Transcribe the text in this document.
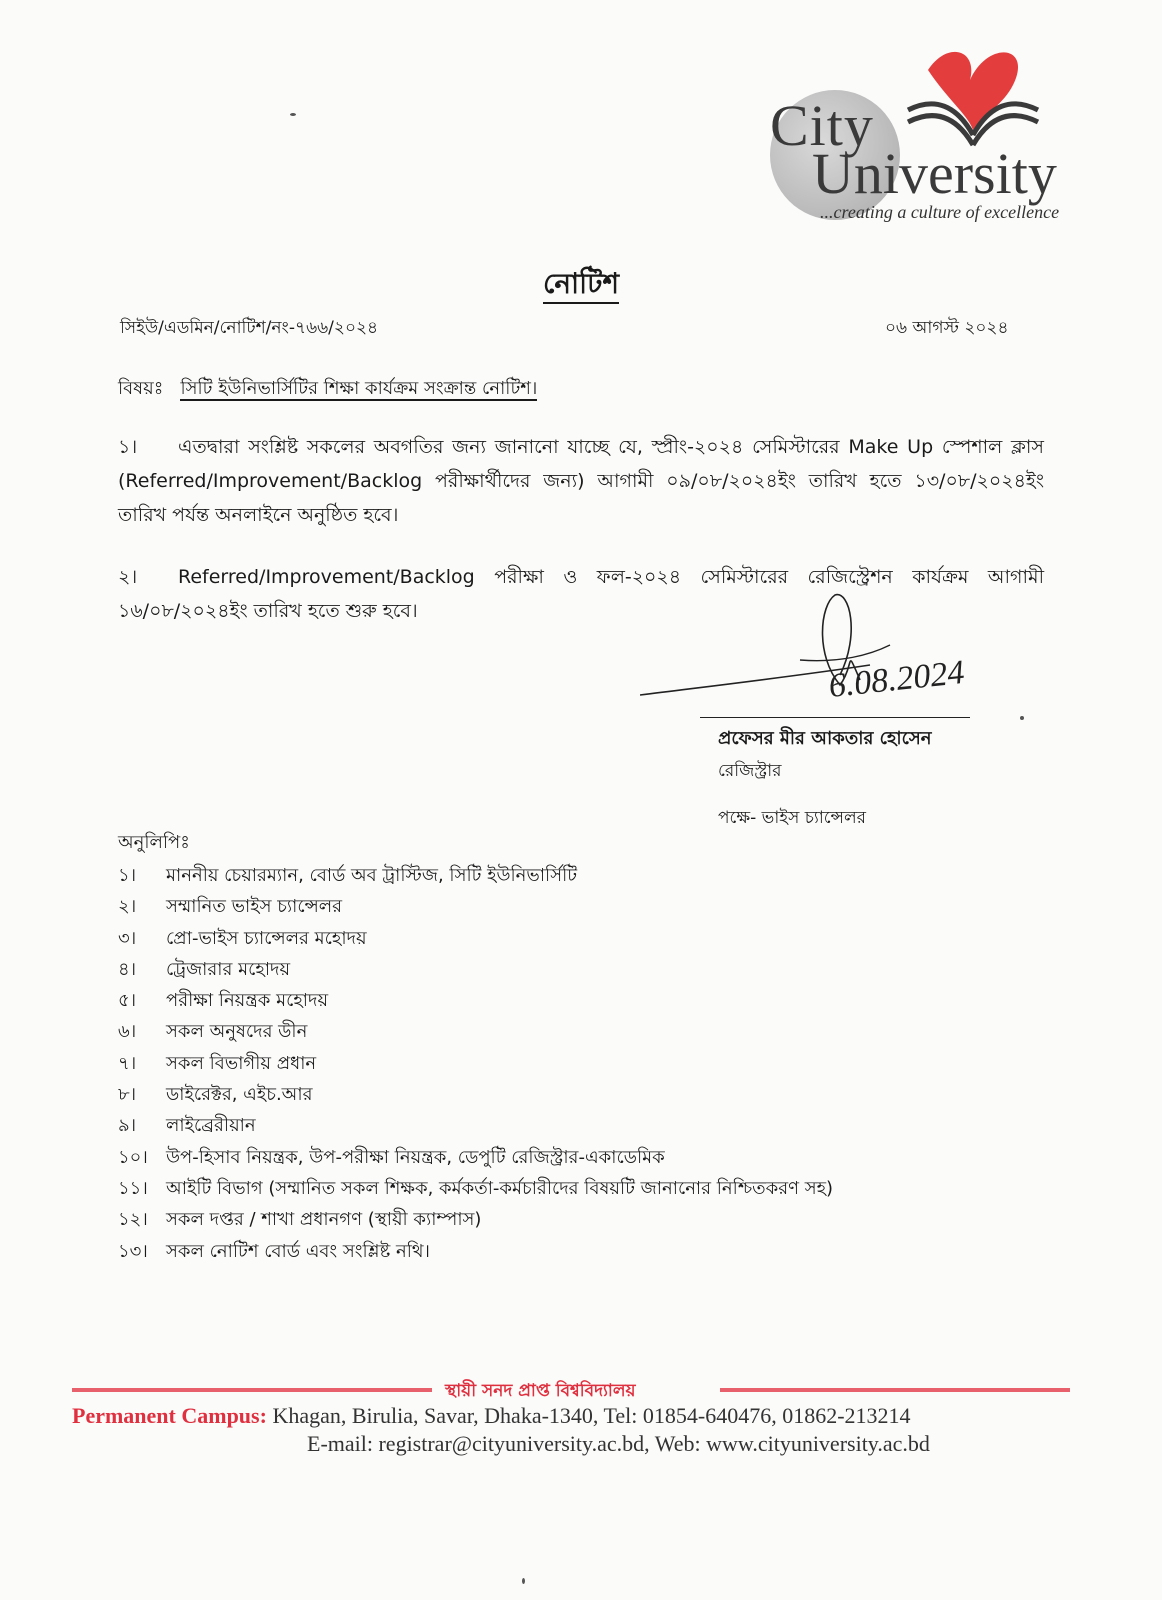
City
University
...creating a culture of excellence
নোটিশ
সিইউ/এডমিন/নোটিশ/নং-৭৬৬/২০২৪	০৬ আগস্ট ২০২৪
বিষয়ঃ সিটি ইউনিভার্সিটির শিক্ষা কার্যক্রম সংক্রান্ত নোটিশ।
১। এতদ্বারা সংশ্লিষ্ট সকলের অবগতির জন্য জানানো যাচ্ছে যে, স্প্রীং-২০২৪ সেমিস্টারের Make Up স্পেশাল ক্লাস (Referred/Improvement/Backlog পরীক্ষার্থীদের জন্য) আগামী ০৯/০৮/২০২৪ইং তারিখ হতে ১৩/০৮/২০২৪ইং তারিখ পর্যন্ত অনলাইনে অনুষ্ঠিত হবে।
২। Referred/Improvement/Backlog পরীক্ষা ও ফল-২০২৪ সেমিস্টারের রেজিস্ট্রেশন কার্যক্রম আগামী ১৬/০৮/২০২৪ইং তারিখ হতে শুরু হবে।
6.08.2024
প্রফেসর মীর আকতার হোসেন
রেজিস্ট্রার
পক্ষে- ভাইস চ্যান্সেলর
অনুলিপিঃ
১। মাননীয় চেয়ারম্যান, বোর্ড অব ট্রাস্টিজ, সিটি ইউনিভার্সিটি
২। সম্মানিত ভাইস চ্যান্সেলর
৩। প্রো-ভাইস চ্যান্সেলর মহোদয়
৪। ট্রেজারার মহোদয়
৫। পরীক্ষা নিয়ন্ত্রক মহোদয়
৬। সকল অনুষদের ডীন
৭। সকল বিভাগীয় প্রধান
৮। ডাইরেক্টর, এইচ.আর
৯। লাইব্রেরীয়ান
১০। উপ-হিসাব নিয়ন্ত্রক, উপ-পরীক্ষা নিয়ন্ত্রক, ডেপুটি রেজিস্ট্রার-একাডেমিক
১১। আইটি বিভাগ (সম্মানিত সকল শিক্ষক, কর্মকর্তা-কর্মচারীদের বিষয়টি জানানোর নিশ্চিতকরণ সহ)
১২। সকল দপ্তর / শাখা প্রধানগণ (স্থায়ী ক্যাম্পাস)
১৩। সকল নোটিশ বোর্ড এবং সংশ্লিষ্ট নথি।
স্থায়ী সনদ প্রাপ্ত বিশ্ববিদ্যালয়
Permanent Campus: Khagan, Birulia, Savar, Dhaka-1340, Tel: 01854-640476, 01862-213214
E-mail: registrar@cityuniversity.ac.bd, Web: www.cityuniversity.ac.bd
